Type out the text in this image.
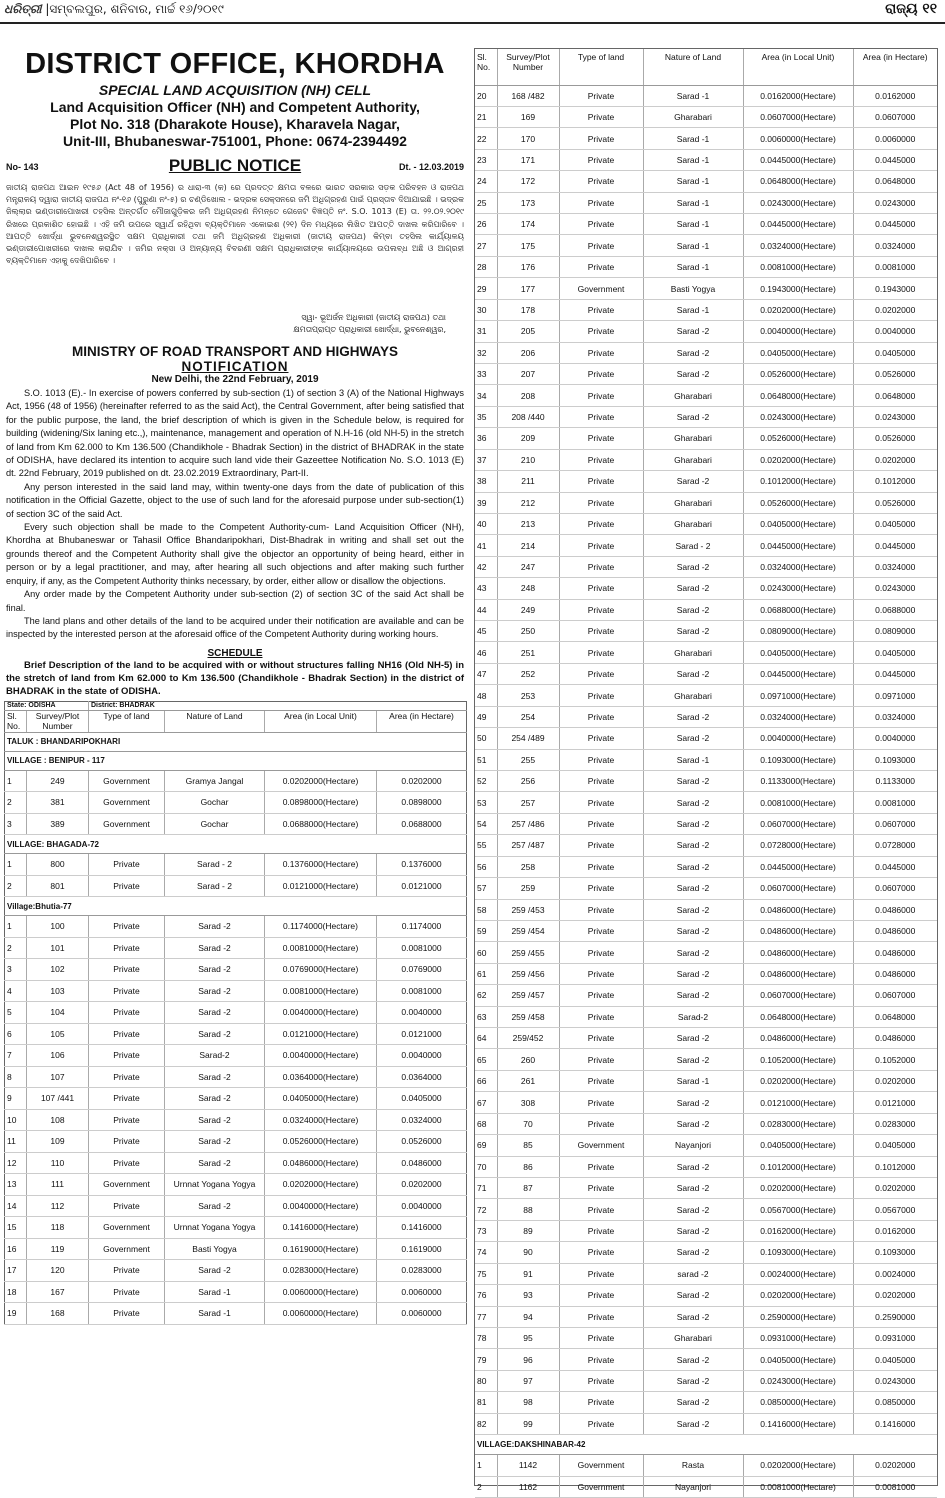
ଧରିତ୍ରୀ |ସମ୍ବଲପୁର, ଶନିବାର, ମାର୍ଚ୍ଚ ୧୬/୨୦୧୯	ରାଜ୍ୟ ୧୧
DISTRICT OFFICE, KHORDHA
SPECIAL LAND ACQUISITION (NH) CELL
Land Acquisition Officer (NH) and Competent Authority,
Plot No. 318 (Dharakote House), Kharavela Nagar,
Unit-III, Bhubaneswar-751001, Phone: 0674-2394492
No- 143	PUBLIC NOTICE	Dt. - 12.03.2019
ଜାତୀୟ ରାଜପଥ ଆଇନ ୧୯୫୬ (Act 48 of 1956) ର ଧାରା-୩ (କ) ରେ ପ୍ରଦତ୍ତ କ୍ଷମତା ବଳରେ ଭାରତ ସରକାର ସଡ଼କ ପରିବହନ ଓ ରାଜପଥ ମନ୍ତ୍ରାଳୟ ଦ୍ୱାରା ଜାତୀୟ ରାଜପଥ ନଂ-୧୬ (ପୁରୁଣା ନଂ-୫) ର ଚଣ୍ଡିଖୋଲ - ଭଦ୍ରକ ସେକ୍ସନରେ ଜମି ଅଧିଗ୍ରହଣ ପାଇଁ ପ୍ରସ୍ତାବ ଦିଆଯାଇଛି । ଭଦ୍ରକ ଜିଲ୍ଲାର ଭଣ୍ଡାରୀପୋଖରୀ ତହସିଲ ଅନ୍ତର୍ଗତ ମୌଜାଗୁଡ଼ିକର ଜମି ଅଧିଗ୍ରହଣ ନିମନ୍ତେ ଗେଜେଟ ବିଜ୍ଞପ୍ତି ନଂ. S.O. 1013 (E) ତା. ୨୨.୦୨.୨୦୧୯ ରିଖରେ ପ୍ରକାଶିତ ହୋଇଛି । ଏହି ଜମି ଉପରେ ସ୍ୱାର୍ଥ ରହିଥିବା ବ୍ୟକ୍ତିମାନେ ଏକୋଇଶ (୨୧) ଦିନ ମଧ୍ୟରେ ଲିଖିତ ଆପତ୍ତି ଦାଖଲ କରିପାରିବେ । ଆପତ୍ତି ଖୋର୍ଦ୍ଧା ଭୁବନେଶ୍ୱରସ୍ଥିତ ସକ୍ଷମ ପ୍ରାଧିକାରୀ ତଥା ଜମି ଅଧିଗ୍ରହଣ ଅଧିକାରୀ (ଜାତୀୟ ରାଜପଥ) କିମ୍ବା ତହସିଲ କାର୍ଯ୍ୟାଳୟ ଭଣ୍ଡାରୀପୋଖରୀରେ ଦାଖଲ କରାଯିବ । ଜମିର ନକ୍ସା ଓ ଅନ୍ୟାନ୍ୟ ବିବରଣୀ ସକ୍ଷମ ପ୍ରାଧିକାରୀଙ୍କ କାର୍ଯ୍ୟାଳୟରେ ଉପଲବ୍ଧ ଅଛି ଓ ଆଗ୍ରହୀ ବ୍ୟକ୍ତିମାନେ ଏହାକୁ ଦେଖିପାରିବେ ।
ସ୍ୱା- ଭୂଅର୍ଜନ ଅଧିକାରୀ (ଜାତୀୟ ରାଜପଥ) ତଥା
କ୍ଷମତାପ୍ରାପ୍ତ ପ୍ରାଧିକାରୀ ଖୋର୍ଦ୍ଧା, ଭୁବନେଶ୍ୱର,
MINISTRY OF ROAD TRANSPORT AND HIGHWAYS
NOTIFICATION
New Delhi, the 22nd February, 2019

S.O. 1013 (E).- In exercise of powers conferred by sub-section (1) of section 3 (A) of the National Highways Act, 1956 (48 of 1956) (hereinafter referred to as the said Act), the Central Government, after being satisfied that for the public purpose, the land, the brief description of which is given in the Schedule below, is required for building (widening/Six laning etc.,), maintenance, management and operation of N.H-16 (old NH-5) in the stretch of land from Km 62.000 to Km 136.500 (Chandikhole - Bhadrak Section) in the district of BHADRAK in the state of ODISHA, have declared its intention to acquire such land vide their Gazeettee Notification No. S.O. 1013 (E) dt. 22nd February, 2019 published on dt. 23.02.2019 Extraordinary, Part-II.

Any person interested in the said land may, within twenty-one days from the date of publication of this notification in the Official Gazette, object to the use of such land for the aforesaid purpose under sub-section(1) of section 3C of the said Act.

Every such objection shall be made to the Competent Authority-cum- Land Acquisition Officer (NH), Khordha at Bhubaneswar or Tahasil Office Bhandaripokhari, Dist-Bhadrak in writing and shall set out the grounds thereof and the Competent Authority shall give the objector an opportunity of being heard, either in person or by a legal practitioner, and may, after hearing all such objections and after making such further enquiry, if any, as the Competent Authority thinks necessary, by order, either allow or disallow the objections.

Any order made by the Competent Authority under sub-section (2) of section 3C of the said Act shall be final.

The land plans and other details of the land to be acquired under their notification are available and can be inspected by the interested person at the aforesaid office of the Competent Authority during working hours.

SCHEDULE

Brief Description of the land to be acquired with or without structures falling NH16 (Old NH-5) in the stretch of land from Km 62.000 to Km 136.500 (Chandikhole - Bhadrak Section) in the district of BHADRAK in the state of ODISHA.

State: ODISHA		District: BHADRAK			
Sl. No.	Survey/Plot Number	Type of land	Nature of Land	Area (in Local Unit)	Area (in Hectare)
TALUK : BHANDARIPOKHARI					
VILLAGE : BENIPUR - 117					
1	249	Government	Gramya Jangal	0.0202000(Hectare)	0.0202000
2	381	Government	Gochar	0.0898000(Hectare)	0.0898000
3	389	Government	Gochar	0.0688000(Hectare)	0.0688000
VILLAGE: BHAGADA-72					
1	800	Private	Sarad - 2	0.1376000(Hectare)	0.1376000
2	801	Private	Sarad - 2	0.0121000(Hectare)	0.0121000
Village:Bhutia-77					
1	100	Private	Sarad -2	0.1174000(Hectare)	0.1174000
2	101	Private	Sarad -2	0.0081000(Hectare)	0.0081000
3	102	Private	Sarad -2	0.0769000(Hectare)	0.0769000
4	103	Private	Sarad -2	0.0081000(Hectare)	0.0081000
5	104	Private	Sarad -2	0.0040000(Hectare)	0.0040000
6	105	Private	Sarad -2	0.0121000(Hectare)	0.0121000
7	106	Private	Sarad-2	0.0040000(Hectare)	0.0040000
8	107	Private	Sarad -2	0.0364000(Hectare)	0.0364000
9	107 /441	Private	Sarad -2	0.0405000(Hectare)	0.0405000
10	108	Private	Sarad -2	0.0324000(Hectare)	0.0324000
11	109	Private	Sarad -2	0.0526000(Hectare)	0.0526000
12	110	Private	Sarad -2	0.0486000(Hectare)	0.0486000
13	111	Government	Urnnat Yogana Yogya	0.0202000(Hectare)	0.0202000
14	112	Private	Sarad -2	0.0040000(Hectare)	0.0040000
15	118	Government	Urnnat Yogana Yogya	0.1416000(Hectare)	0.1416000
16	119	Government	Basti Yogya	0.1619000(Hectare)	0.1619000
17	120	Private	Sarad -2	0.0283000(Hectare)	0.0283000
18	167	Private	Sarad -1	0.0060000(Hectare)	0.0060000
19	168	Private	Sarad -1	0.0060000(Hectare)	0.0060000
Sl. No.	Survey/Plot Number	Type of land	Nature of Land	Area (in Local Unit)	Area (in Hectare)
20	168 /482	Private	Sarad -1	0.0162000(Hectare)	0.0162000
21	169	Private	Gharabari	0.0607000(Hectare)	0.0607000
22	170	Private	Sarad -1	0.0060000(Hectare)	0.0060000
23	171	Private	Sarad -1	0.0445000(Hectare)	0.0445000
24	172	Private	Sarad -1	0.0648000(Hectare)	0.0648000
25	173	Private	Sarad -1	0.0243000(Hectare)	0.0243000
26	174	Private	Sarad -1	0.0445000(Hectare)	0.0445000
27	175	Private	Sarad -1	0.0324000(Hectare)	0.0324000
28	176	Private	Sarad -1	0.0081000(Hectare)	0.0081000
29	177	Government	Basti Yogya	0.1943000(Hectare)	0.1943000
30	178	Private	Sarad -1	0.0202000(Hectare)	0.0202000
31	205	Private	Sarad -2	0.0040000(Hectare)	0.0040000
32	206	Private	Sarad -2	0.0405000(Hectare)	0.0405000
33	207	Private	Sarad -2	0.0526000(Hectare)	0.0526000
34	208	Private	Gharabari	0.0648000(Hectare)	0.0648000
35	208 /440	Private	Sarad -2	0.0243000(Hectare)	0.0243000
36	209	Private	Gharabari	0.0526000(Hectare)	0.0526000
37	210	Private	Gharabari	0.0202000(Hectare)	0.0202000
38	211	Private	Sarad -2	0.1012000(Hectare)	0.1012000
39	212	Private	Gharabari	0.0526000(Hectare)	0.0526000
40	213	Private	Gharabari	0.0405000(Hectare)	0.0405000
41	214	Private	Sarad - 2	0.0445000(Hectare)	0.0445000
42	247	Private	Sarad -2	0.0324000(Hectare)	0.0324000
43	248	Private	Sarad -2	0.0243000(Hectare)	0.0243000
44	249	Private	Sarad -2	0.0688000(Hectare)	0.0688000
45	250	Private	Sarad -2	0.0809000(Hectare)	0.0809000
46	251	Private	Gharabari	0.0405000(Hectare)	0.0405000
47	252	Private	Sarad -2	0.0445000(Hectare)	0.0445000
48	253	Private	Gharabari	0.0971000(Hectare)	0.0971000
49	254	Private	Sarad -2	0.0324000(Hectare)	0.0324000
50	254 /489	Private	Sarad -2	0.0040000(Hectare)	0.0040000
51	255	Private	Sarad -1	0.1093000(Hectare)	0.1093000
52	256	Private	Sarad -2	0.1133000(Hectare)	0.1133000
53	257	Private	Sarad -2	0.0081000(Hectare)	0.0081000
54	257 /486	Private	Sarad -2	0.0607000(Hectare)	0.0607000
55	257 /487	Private	Sarad -2	0.0728000(Hectare)	0.0728000
56	258	Private	Sarad -2	0.0445000(Hectare)	0.0445000
57	259	Private	Sarad -2	0.0607000(Hectare)	0.0607000
58	259 /453	Private	Sarad -2	0.0486000(Hectare)	0.0486000
59	259 /454	Private	Sarad -2	0.0486000(Hectare)	0.0486000
60	259 /455	Private	Sarad -2	0.0486000(Hectare)	0.0486000
61	259 /456	Private	Sarad -2	0.0486000(Hectare)	0.0486000
62	259 /457	Private	Sarad -2	0.0607000(Hectare)	0.0607000
63	259 /458	Private	Sarad-2	0.0648000(Hectare)	0.0648000
64	259/452	Private	Sarad -2	0.0486000(Hectare)	0.0486000
65	260	Private	Sarad -2	0.1052000(Hectare)	0.1052000
66	261	Private	Sarad -1	0.0202000(Hectare)	0.0202000
67	308	Private	Sarad -2	0.0121000(Hectare)	0.0121000
68	70	Private	Sarad -2	0.0283000(Hectare)	0.0283000
69	85	Government	Nayanjori	0.0405000(Hectare)	0.0405000
70	86	Private	Sarad -2	0.1012000(Hectare)	0.1012000
71	87	Private	Sarad -2	0.0202000(Hectare)	0.0202000
72	88	Private	Sarad -2	0.0567000(Hectare)	0.0567000
73	89	Private	Sarad -2	0.0162000(Hectare)	0.0162000
74	90	Private	Sarad -2	0.1093000(Hectare)	0.1093000
75	91	Private	sarad -2	0.0024000(Hectare)	0.0024000
76	93	Private	Sarad -2	0.0202000(Hectare)	0.0202000
77	94	Private	Sarad -2	0.2590000(Hectare)	0.2590000
78	95	Private	Gharabari	0.0931000(Hectare)	0.0931000
79	96	Private	Sarad -2	0.0405000(Hectare)	0.0405000
80	97	Private	Sarad -2	0.0243000(Hectare)	0.0243000
81	98	Private	Sarad -2	0.0850000(Hectare)	0.0850000
82	99	Private	Sarad -2	0.1416000(Hectare)	0.1416000
VILLAGE:DAKSHINABAR-42					
1	1142	Government	Rasta	0.0202000(Hectare)	0.0202000
2	1162	Government	Nayanjori	0.0081000(Hectare)	0.0081000
